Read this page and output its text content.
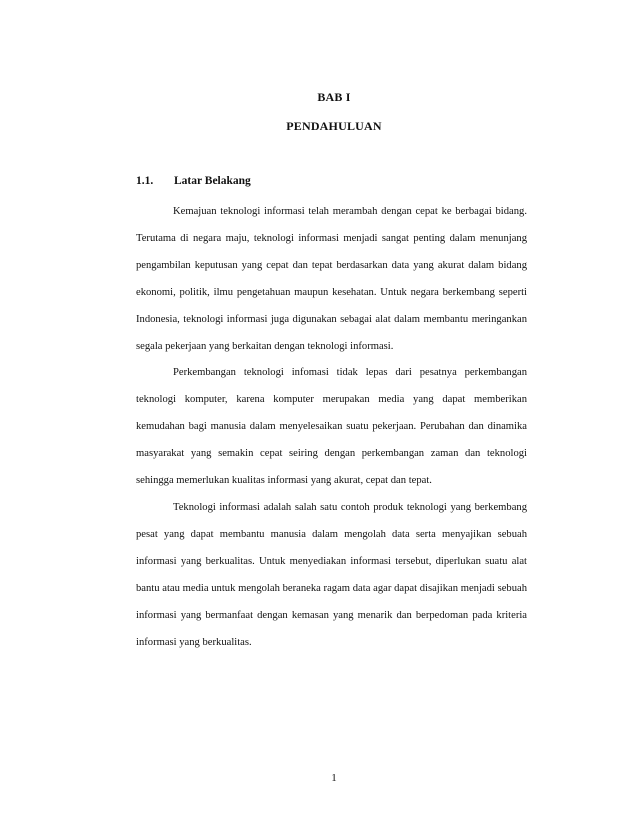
BAB I
PENDAHULUAN
1.1. Latar Belakang

Kemajuan teknologi informasi telah merambah dengan cepat ke berbagai bidang. Terutama di negara maju, teknologi informasi menjadi sangat penting dalam menunjang pengambilan keputusan yang cepat dan tepat berdasarkan data yang akurat dalam bidang ekonomi, politik, ilmu pengetahuan maupun kesehatan. Untuk negara berkembang seperti Indonesia, teknologi informasi juga digunakan sebagai alat dalam membantu meringankan segala pekerjaan yang berkaitan dengan teknologi informasi.

Perkembangan teknologi infomasi tidak lepas dari pesatnya perkembangan teknologi komputer, karena komputer merupakan media yang dapat memberikan kemudahan bagi manusia dalam menyelesaikan suatu pekerjaan. Perubahan dan dinamika masyarakat yang semakin cepat seiring dengan perkembangan zaman dan teknologi sehingga memerlukan kualitas informasi yang akurat, cepat dan tepat.

Teknologi informasi adalah salah satu contoh produk teknologi yang berkembang pesat yang dapat membantu manusia dalam mengolah data serta menyajikan sebuah informasi yang berkualitas. Untuk menyediakan informasi tersebut, diperlukan suatu alat bantu atau media untuk mengolah beraneka ragam data agar dapat disajikan menjadi sebuah informasi yang bermanfaat dengan kemasan yang menarik dan berpedoman pada kriteria informasi yang berkualitas.

1
